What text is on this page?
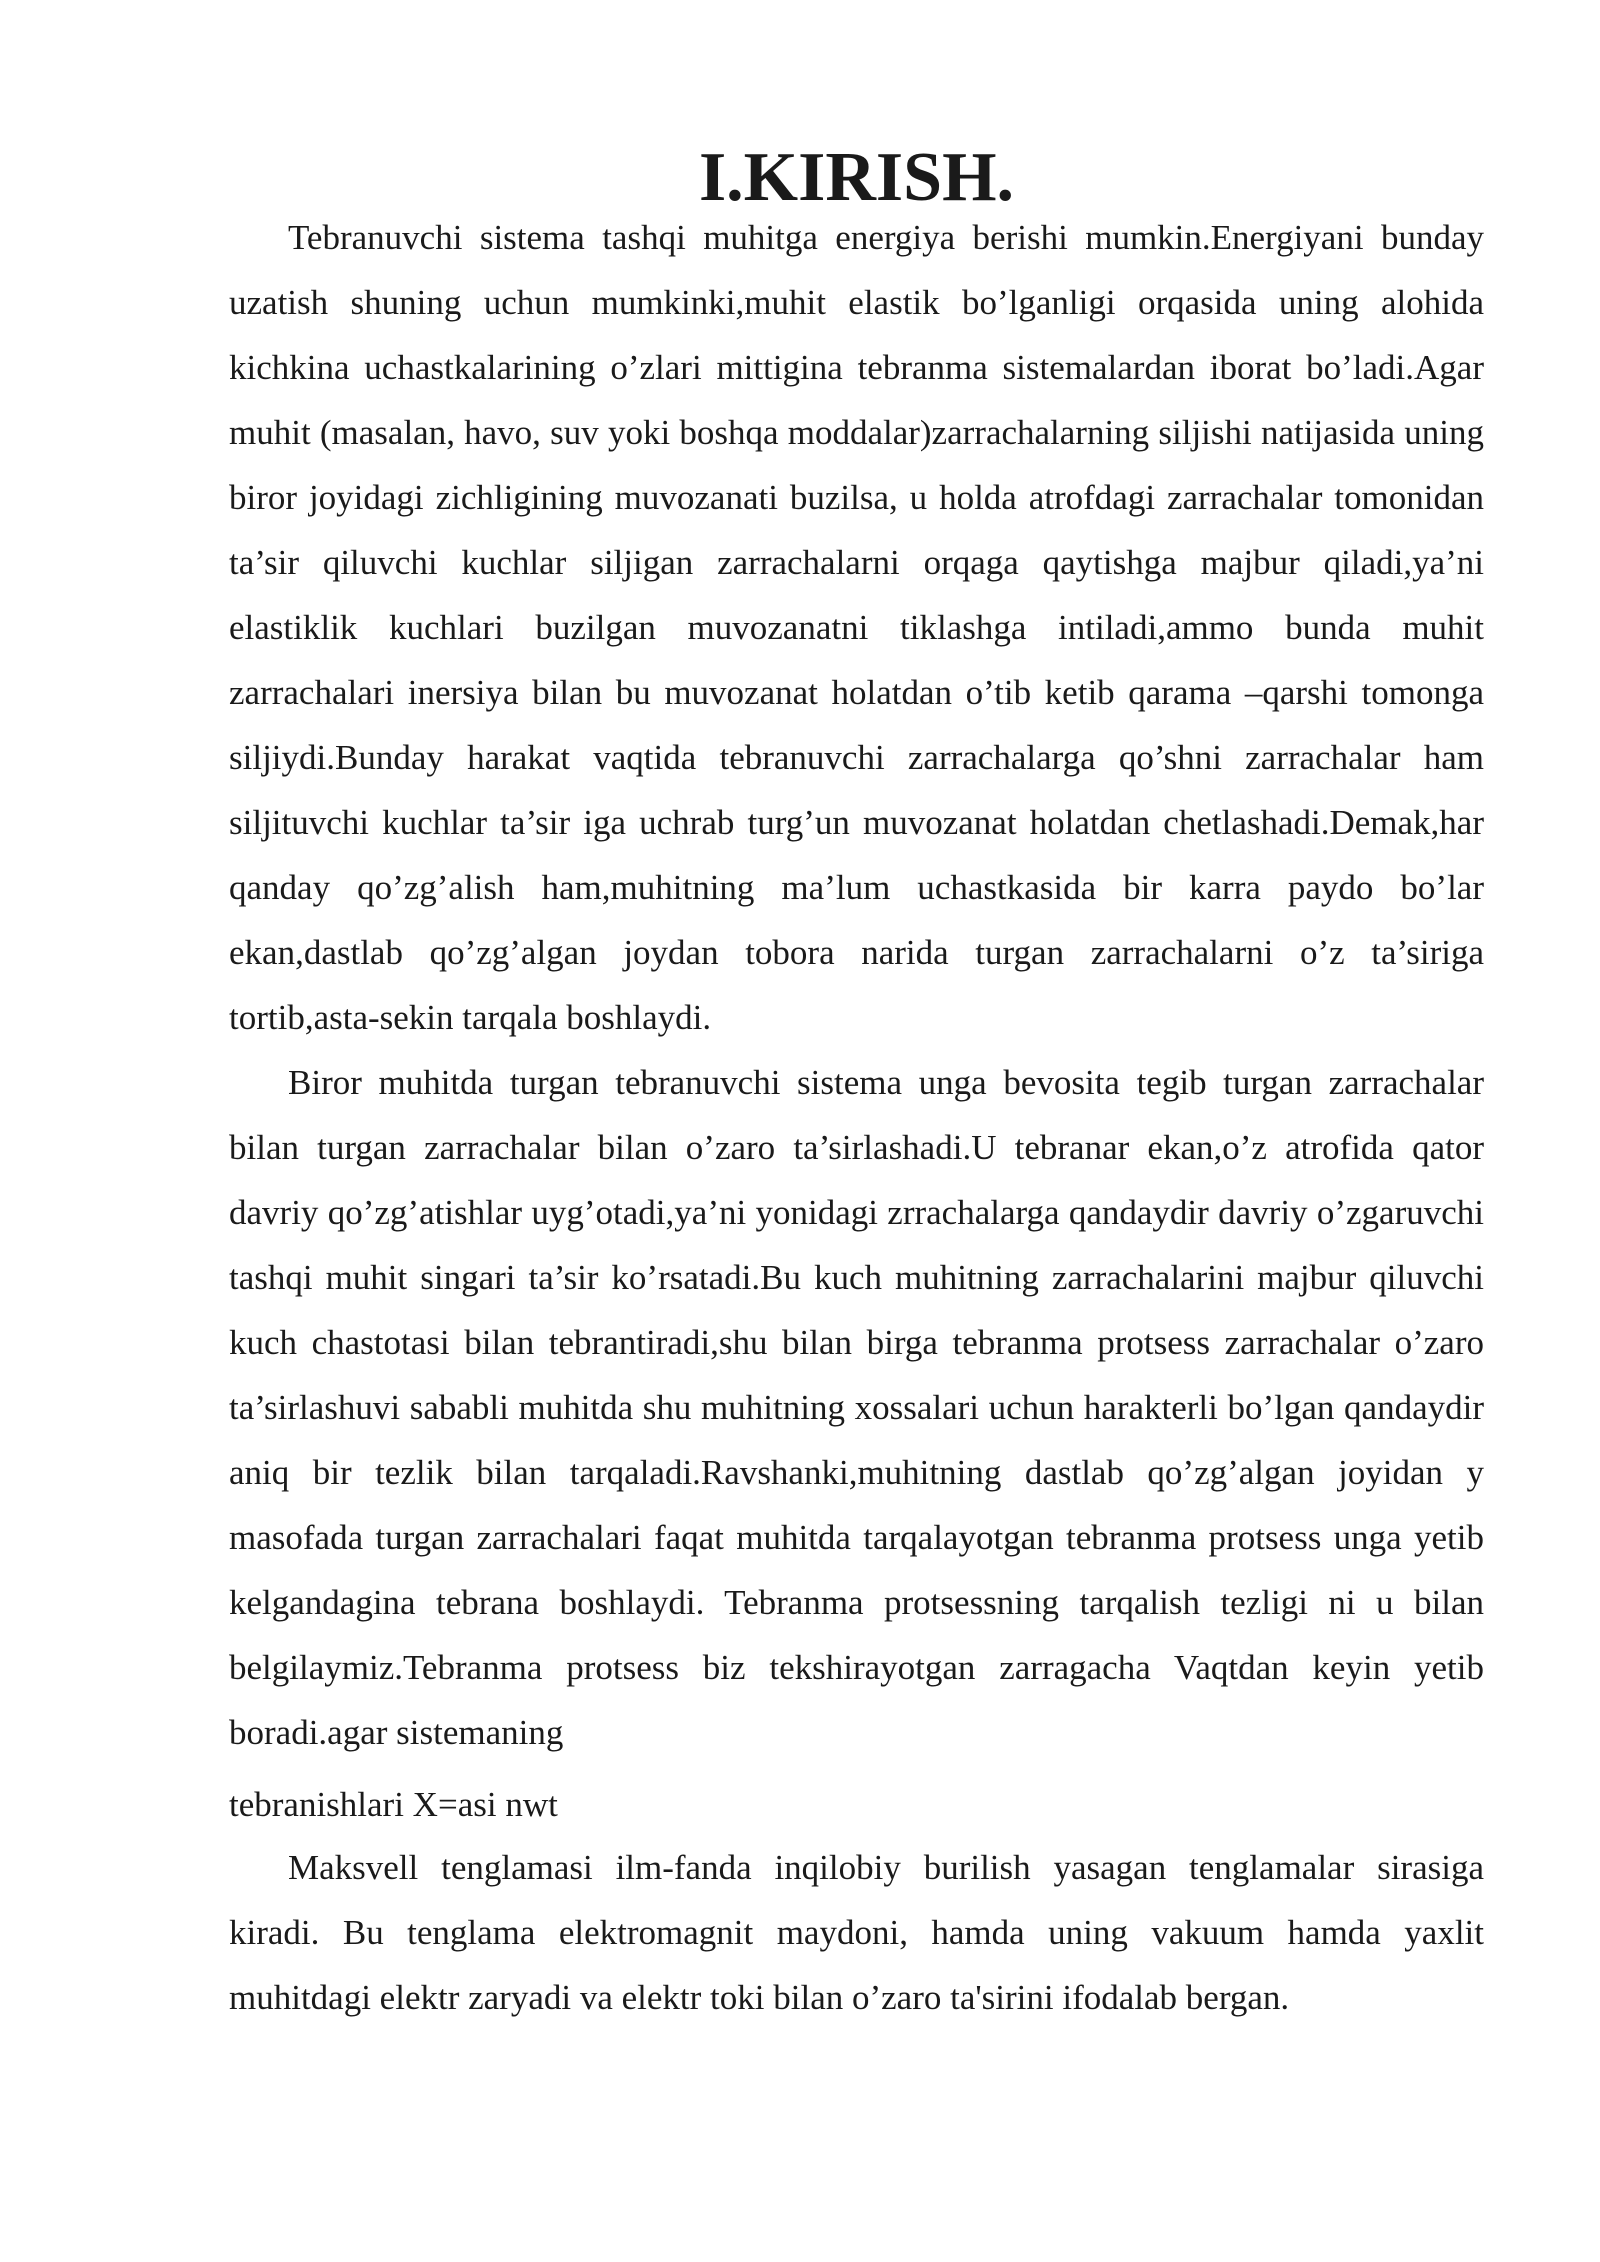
I.KIRISH.

Tebranuvchi sistema tashqi muhitga energiya berishi mumkin.Energiyani bunday uzatish shuning uchun mumkinki,muhit elastik bo’lganligi orqasida uning alohida kichkina uchastkalarining o’zlari mittigina tebranma sistemalardan iborat bo’ladi.Agar muhit (masalan, havo, suv yoki boshqa moddalar)zarrachalarning siljishi natijasida uning biror joyidagi zichligining muvozanati buzilsa, u holda atrofdagi zarrachalar tomonidan ta’sir qiluvchi kuchlar siljigan zarrachalarni orqaga qaytishga majbur qiladi,ya’ni elastiklik kuchlari buzilgan muvozanatni tiklashga intiladi,ammo bunda muhit zarrachalari inersiya bilan bu muvozanat holatdan o’tib ketib qarama –qarshi tomonga siljiydi.Bunday harakat vaqtida tebranuvchi zarrachalarga qo’shni zarrachalar ham siljituvchi kuchlar ta’sir iga uchrab turg’un muvozanat holatdan chetlashadi.Demak,har qanday qo’zg’alish ham,muhitning ma’lum uchastkasida bir karra paydo bo’lar ekan,dastlab qo’zg’algan joydan tobora narida turgan zarrachalarni o’z ta’siriga tortib,asta-sekin tarqala boshlaydi.

Biror muhitda turgan tebranuvchi sistema unga bevosita tegib turgan zarrachalar bilan turgan zarrachalar bilan o’zaro ta’sirlashadi.U tebranar ekan,o’z atrofida qator davriy qo’zg’atishlar uyg’otadi,ya’ni yonidagi zrrachalarga qandaydir davriy o’zgaruvchi tashqi muhit singari ta’sir ko’rsatadi.Bu kuch muhitning zarrachalarini majbur qiluvchi kuch chastotasi bilan tebrantiradi,shu bilan birga tebranma protsess zarrachalar o’zaro ta’sirlashuvi sababli muhitda shu muhitning xossalari uchun harakterli bo’lgan qandaydir aniq bir tezlik bilan tarqaladi.Ravshanki,muhitning dastlab qo’zg’algan joyidan y masofada turgan zarrachalari faqat muhitda tarqalayotgan tebranma protsess unga yetib kelgandagina tebrana boshlaydi. Tebranma protsessning tarqalish tezligi ni u bilan belgilaymiz.Tebranma protsess biz tekshirayotgan zarragacha Vaqtdan keyin yetib boradi.agar sistemaning

tebranishlari X=asi nwt

Maksvell tenglamasi ilm-fanda inqilobiy burilish yasagan tenglamalar sirasiga kiradi. Bu tenglama elektromagnit maydoni, hamda uning vakuum hamda yaxlit muhitdagi elektr zaryadi va elektr toki bilan o’zaro ta'sirini ifodalab bergan.
